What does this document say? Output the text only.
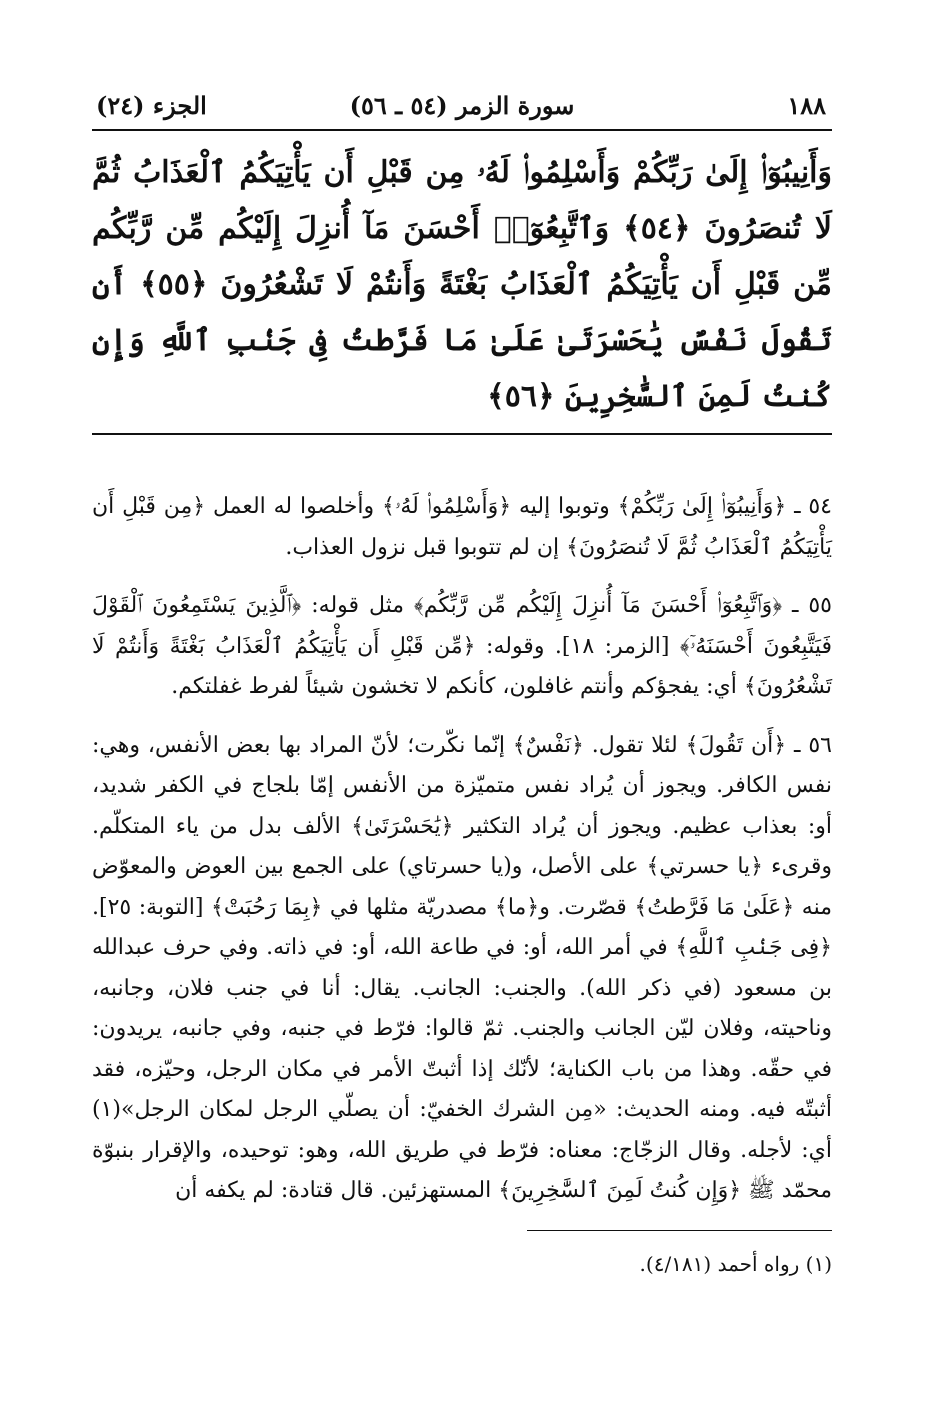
١٨٨
سورة الزمر (٥٤ ـ ٥٦)
الجزء (٢٤)
وَأَنِيبُوٓا۟ إِلَىٰ رَبِّكُمْ وَأَسْلِمُوا۟ لَهُۥ مِن قَبْلِ أَن يَأْتِيَكُمُ ٱلْعَذَابُ ثُمَّ لَا تُنصَرُونَ ﴿٥٤﴾ وَٱتَّبِعُوٓا۟ أَحْسَنَ مَآ أُنزِلَ إِلَيْكُم مِّن رَّبِّكُم مِّن قَبْلِ أَن يَأْتِيَكُمُ ٱلْعَذَابُ بَغْتَةً وَأَنتُمْ لَا تَشْعُرُونَ ﴿٥٥﴾ أَن تَقُولَ نَفْسٌ يَٰحَسْرَتَىٰ عَلَىٰ مَا فَرَّطتُ فِى جَنۢبِ ٱللَّهِ وَإِن كُنتُ لَمِنَ ٱلسَّٰخِرِينَ ﴿٥٦﴾

٥٤ ـ ﴿وَأَنِيبُوٓا۟ إِلَىٰ رَبِّكُمْ﴾ وتوبوا إليه ﴿وَأَسْلِمُوا۟ لَهُۥ﴾ وأخلصوا له العمل ﴿مِن قَبْلِ أَن يَأْتِيَكُمُ ٱلْعَذَابُ ثُمَّ لَا تُنصَرُونَ﴾ إن لم تتوبوا قبل نزول العذاب.

٥٥ ـ ﴿وَٱتَّبِعُوٓا۟ أَحْسَنَ مَآ أُنزِلَ إِلَيْكُم مِّن رَّبِّكُم﴾ مثل قوله: ﴿ٱلَّذِينَ يَسْتَمِعُونَ ٱلْقَوْلَ فَيَتَّبِعُونَ أَحْسَنَهُۥٓ﴾ [الزمر: ١٨]. وقوله: ﴿مِّن قَبْلِ أَن يَأْتِيَكُمُ ٱلْعَذَابُ بَغْتَةً وَأَنتُمْ لَا تَشْعُرُونَ﴾ أي: يفجؤكم وأنتم غافلون، كأنكم لا تخشون شيئاً لفرط غفلتكم.

٥٦ ـ ﴿أَن تَقُولَ﴾ لئلا تقول. ﴿نَفْسٌ﴾ إنّما نكّرت؛ لأنّ المراد بها بعض الأنفس، وهي: نفس الكافر. ويجوز أن يُراد نفس متميّزة من الأنفس إمّا بلجاج في الكفر شديد، أو: بعذاب عظيم. ويجوز أن يُراد التكثير ﴿يَٰحَسْرَتَىٰ﴾ الألف بدل من ياء المتكلّم. وقرىء ﴿يا حسرتي﴾ على الأصل، و(يا حسرتاي) على الجمع بين العوض والمعوّض منه ﴿عَلَىٰ مَا فَرَّطتُ﴾ قصّرت. و﴿ما﴾ مصدريّة مثلها في ﴿بِمَا رَحُبَتْ﴾ [التوبة: ٢٥]. ﴿فِى جَنۢبِ ٱللَّهِ﴾ في أمر الله، أو: في طاعة الله، أو: في ذاته. وفي حرف عبدالله بن مسعود (في ذكر الله). والجنب: الجانب. يقال: أنا في جنب فلان، وجانبه، وناحيته، وفلان ليّن الجانب والجنب. ثمّ قالوا: فرّط في جنبه، وفي جانبه، يريدون: في حقّه. وهذا من باب الكناية؛ لأنّك إذا أثبتّ الأمر في مكان الرجل، وحيّزه، فقد أثبتّه فيه. ومنه الحديث: «مِن الشرك الخفيّ: أن يصلّي الرجل لمكان الرجل»(١) أي: لأجله. وقال الزجّاج: معناه: فرّط في طريق الله، وهو: توحيده، والإقرار بنبوّة محمّد ﷺ ﴿وَإِن كُنتُ لَمِنَ ٱلسَّٰخِرِينَ﴾ المستهزئين. قال قتادة: لم يكفه أن

(١) رواه أحمد (٤/١٨١).
